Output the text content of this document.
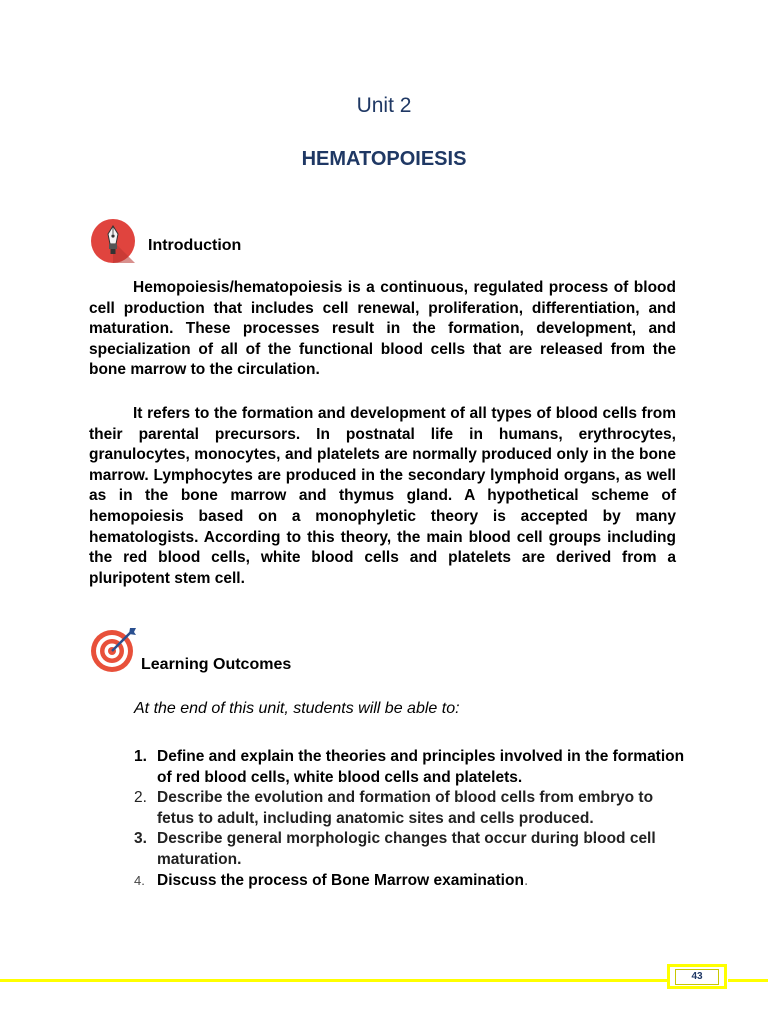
Unit 2
HEMATOPOIESIS
Introduction
Hemopoiesis/hematopoiesis is a continuous, regulated process of blood cell production that includes cell renewal, proliferation, differentiation, and maturation. These processes result in the formation, development, and specialization of all of the functional blood cells that are released from the bone marrow to the circulation.
It refers to the formation and development of all types of blood cells from their parental precursors. In postnatal life in humans, erythrocytes, granulocytes, monocytes, and platelets are normally produced only in the bone marrow. Lymphocytes are produced in the secondary lymphoid organs, as well as in the bone marrow and thymus gland. A hypothetical scheme of hemopoiesis based on a monophyletic theory is accepted by many hematologists. According to this theory, the main blood cell groups including the red blood cells, white blood cells and platelets are derived from a pluripotent stem cell.
Learning Outcomes
At the end of this unit, students will be able to:
1. Define and explain the theories and principles involved in the formation of red blood cells, white blood cells and platelets.
2. Describe the evolution and formation of blood cells from embryo to fetus to adult, including anatomic sites and cells produced.
3. Describe general morphologic changes that occur during blood cell maturation.
4. Discuss the process of Bone Marrow examination.
43
